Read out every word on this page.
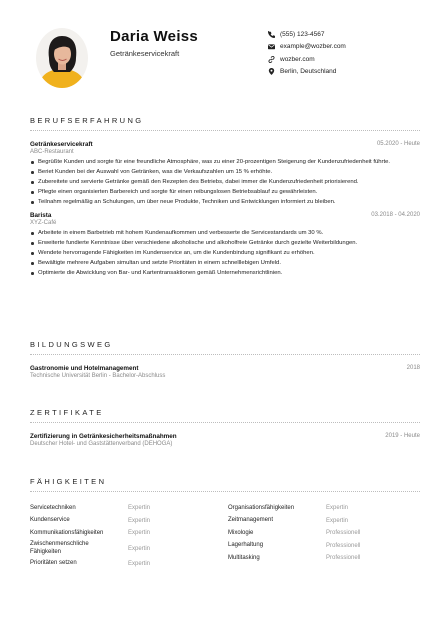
Daria Weiss
Getränkeservicekraft
(555) 123-4567
example@wozber.com
wozber.com
Berlin, Deutschland
BERUFSERFAHRUNG
Getränkeservicekraft	05.2020 - Heute
ABC-Restaurant
Begrüßte Kunden und sorgte für eine freundliche Atmosphäre, was zu einer 20-prozentigen Steigerung der Kundenzufriedenheit führte.
Beriet Kunden bei der Auswahl von Getränken, was die Verkaufszahlen um 15 % erhöhte.
Zubereitete und servierte Getränke gemäß den Rezepten des Betriebs, dabei immer die Kundenzufriedenheit priorisierend.
Pflegte einen organisierten Barbereich und sorgte für einen reibungslosen Betriebsablauf zu gewährleisten.
Teilnahm regelmäßig an Schulungen, um über neue Produkte, Techniken und Entwicklungen informiert zu bleiben.
Barista	03.2018 - 04.2020
XYZ-Café
Arbeitete in einem Barbetrieb mit hohem Kundenaufkommen und verbesserte die Servicestandards um 30 %.
Erweiterte fundierte Kenntnisse über verschiedene alkoholische und alkoholfreie Getränke durch gezielte Weiterbildungen.
Wendete hervorragende Fähigkeiten im Kundenservice an, um die Kundenbindung signifikant zu erhöhen.
Bewältigte mehrere Aufgaben simultan und setzte Prioritäten in einem schnelllebigen Umfeld.
Optimierte die Abwicklung von Bar- und Kartentransaktionen gemäß Unternehmensrichtlinien.
BILDUNGSWEG
Gastronomie und Hotelmanagement	2018
Technische Universität Berlin - Bachelor-Abschluss
ZERTIFIKATE
Zertifizierung in Getränkesicherheitsmaßnahmen	2019 - Heute
Deutscher Hotel- und Gaststättenverband (DEHOGA)
FÄHIGKEITEN
Servicetechniken	Expertin
Kundenservice	Expertin
Kommunikationsfähigkeiten	Expertin
Zwischenmenschliche Fähigkeiten	Expertin
Prioritäten setzen	Expertin
Organisationsfähigkeiten	Expertin
Zeitmanagement	Expertin
Mixologie	Professionell
Lagerhaltung	Professionell
Multitasking	Professionell
